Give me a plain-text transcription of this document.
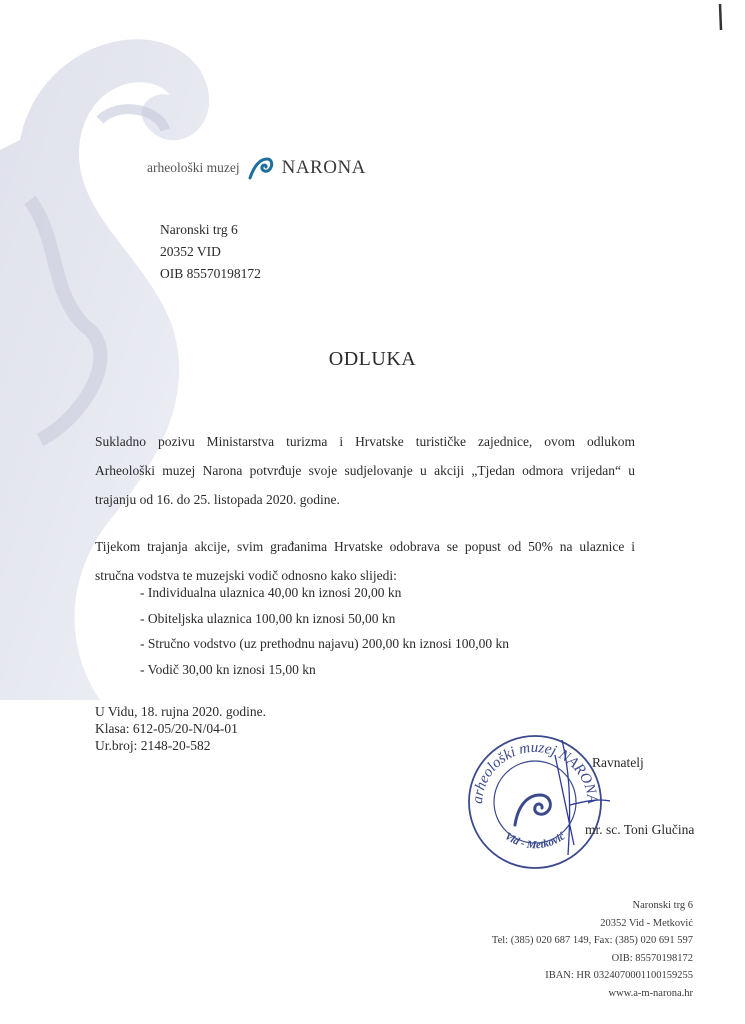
arheološki muzej NARONA
Naronski trg 6
20352 VID
OIB 85570198172
ODLUKA
Sukladno pozivu Ministarstva turizma i Hrvatske turističke zajednice, ovom odlukom
Arheološki muzej Narona potvrđuje svoje sudjelovanje u akciji „Tjedan odmora vrijedan“ u
trajanju od 16. do 25. listopada 2020. godine.
Tijekom trajanja akcije, svim građanima Hrvatske odobrava se popust od 50% na ulaznice i
stručna vodstva te muzejski vodič odnosno kako slijedi:
- Individualna ulaznica 40,00 kn iznosi 20,00 kn
- Obiteljska ulaznica 100,00 kn iznosi 50,00 kn
- Stručno vodstvo (uz prethodnu najavu) 200,00 kn iznosi 100,00 kn
- Vodič 30,00 kn iznosi 15,00 kn
U Vidu, 18. rujna 2020. godine.
Klasa: 612-05/20-N/04-01
Ur.broj: 2148-20-582
Ravnatelj
arheološki muzej NARONA
Vid - Metković mr. sc. Toni Glučina
Naronski trg 6
20352 Vid - Metković
Tel: (385) 020 687 149, Fax: (385) 020 691 597
OIB: 85570198172
IBAN: HR 0324070001100159255
www.a-m-narona.hr
